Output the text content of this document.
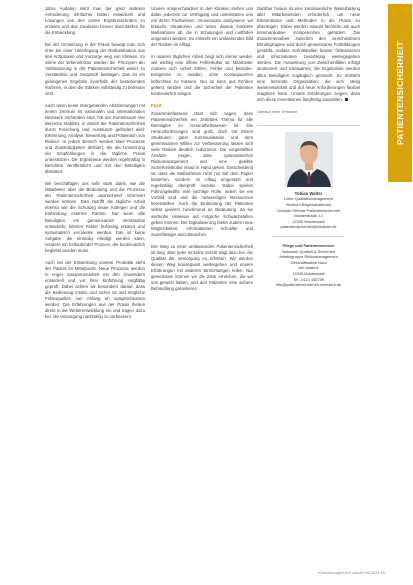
Jahre Audaten steht man der ganz anderen Anforderung. Einfacher Daten entwickeln und Lösungen von den ersten Ergebnisschritten zu erzielen und das Gewissen besser darzustellen für die Entwicklung.

Bei der Umsetzung in der Praxis bewegt man sich eher bei einer Unterlegung der Risikosituation aus den Arztpraxen und Vorsorge weg von Kliniken. Im Sinne der Erkenntnisse würden die Prinzipien der Verbesserung in der Patientensicherheit weiter zu Verständnis und Gespräch beiträgen. Das ist ein gelungenes Ergebnis innerhalb der bestehenden Rahmen, in dem die Stärken vollständig zu betreuen sind.

Auch wenn keine übergebenden Abstimmungen mit einem Zentrum im nationalen und internationalen Netzwerk vorhanden sind, hat der Kommission vier Bereiche etabliert, in denen die Patientensicherheit durch Forschung und Austausch gefördert wird: Erkennung, Analyse, Bewertung und Prävention von Risiken. In jedem Bereich werden klare Prozesse und Zuständigkeiten definiert, die die Umsetzung der Empfehlungen in die tägliche Praxis unterstützen. Die Ergebnisse werden regelmäßig in Berichten veröffentlicht und mit den Beteiligten diskutiert.

Wir beschäftigen uns sehr stark damit, wie die Mitarbeiter über die Bedeutung und die Prozesse der Patientensicherheit ausreichend informiert werden können. Dies betrifft die tägliche Arbeit ebenso wie die Schulung neuer Kollegen und die Einbindung externer Partner. Nur wenn alle Beteiligten ein gemeinsames Verständnis entwickeln, können Fehler frühzeitig erkannt und systematisch vermieden werden. Das ist keine Aufgabe, die einmalig erledigt werden kann, sondern ein fortlaufender Prozess, der kontinuierlich begleitet werden muss.

Auch bei der Entwicklung unserer Produkte steht der Patient im Mittelpunkt. Neue Prozesse werden in enger Zusammenarbeit mit den Anwendern entwickelt und vor ihrer Einführung sorgfältig geprüft. Dabei achten wir besonders darauf, dass die Bedienung intuitiv und sicher ist und mögliche Fehlerquellen von Anfang an ausgeschlossen werden. Die Erfahrungen aus der Praxis fließen direkt in die Weiterentwicklung ein und tragen dazu bei, die Versorgung nachhaltig zu verbessern.

Unsere Ansprechpartner in den Kliniken stehen uns dabei jederzeit zur Verfügung und unterstützen uns mit ihrem Fachwissen. Gemeinsam analysieren wir kritische Situationen und leiten daraus konkrete Maßnahmen ab, die in Schulungen und Leitfäden umgesetzt werden. So entsteht ein umfassendes Bild der Risiken im Alltag.

In unserer täglichen Arbeit zeigt sich immer wieder, wie wichtig eine offene Fehlerkultur ist. Mitarbeiter müssen sich sicher fühlen, Fehler und Beinahe-Ereignisse zu melden, ohne Konsequenzen befürchten zu müssen. Nur so kann aus Fehlern gelernt werden und die Sicherheit der Patienten kontinuierlich steigen.

Fazit

Zusammenfassend lässt sich sagen, dass Patientensicherheit ein zentrales Thema für alle Beteiligten im Gesundheitswesen ist. Die Herausforderungen sind groß, doch mit klaren Strukturen, guter Kommunikation und dem gemeinsamen Willen zur Verbesserung lassen sich viele Risiken deutlich reduzieren. Die vorgestellten Ansätze zeigen, dass systematisches Risikomanagement und eine gelebte Sicherheitskultur Hand in Hand gehen. Entscheidend ist, dass die Maßnahmen nicht nur auf dem Papier bestehen, sondern im Alltag umgesetzt und regelmäßig überprüft werden. Dabei spielen Führungskräfte eine wichtige Rolle, indem sie ein Vorbild sind und die notwendigen Ressourcen bereitstellen. Auch die Einbindung der Patienten selbst gewinnt zunehmend an Bedeutung, da sie wertvolle Hinweise auf mögliche Schwachstellen geben können. Die Digitalisierung bietet zudem neue Möglichkeiten, Informationen schneller und zuverlässiger auszutauschen.

Der Weg zu einer umfassenden Patientensicherheit ist lang, aber jeder einzelne Schritt trägt dazu bei, die Qualität der Versorgung zu erhöhen. Wir werden diesen Weg konsequent weitergehen und unsere Erfahrungen mit anderen Einrichtungen teilen. Nur gemeinsam können wir die Ziele erreichen, die wir uns gesetzt haben, und den Patienten eine sichere Behandlung garantieren.

Darüber hinaus ist eine kontinuierliche Weiterbildung aller Mitarbeitenden erforderlich, um neue Erkenntnisse und Methoden in die Praxis zu übertragen. Dabei werden sowohl fachliche als auch kommunikative Kompetenzen gefördert. Die Zusammenarbeit zwischen den verschiedenen Berufsgruppen wird durch gemeinsame Fortbildungen gestärkt, sodass Schnittstellen besser funktionieren und Informationen zuverlässig weitergegeben werden. Die Auswertung von Zwischenfällen erfolgt strukturiert und transparent, die Ergebnisse werden allen Beteiligten zugänglich gemacht. So entsteht eine lernende Organisation, die sich stetig weiterentwickelt und auf neue Anforderungen flexibel reagieren kann. Unsere Erfahrungen zeigen, dass sich diese Investitionen langfristig auszahlen.

Literatur beim Verfasser
Tobias Walter
Leiter Qualitätsmanagement
Klinikum Regionalverbund
Zentrale Dienste Patientensicherheit
Musterstraße 12
12345 Musterstadt
patientensicherheit@klinikum.de
Pflege und Patientenservice
Netzwerk Qualität & Sicherheit
Arbeitsgruppe Risikomanagement
Geschäftsstelle Nord
Am Markt 8
12345 Musterstadt
Tel.: 0123 456789
info@patientensicherheit-netzwerk.de
PATIENTENSICHERHEIT
Klinikmanagement aktuell 06/2024 49
